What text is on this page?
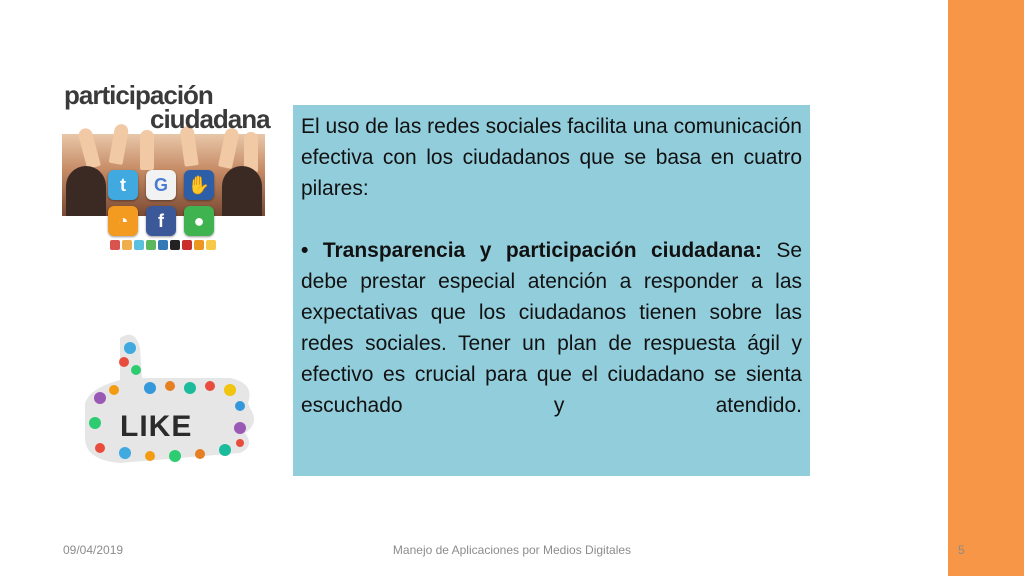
participación
ciudadana
t	G	✋
◔	f	●
LIKE

El uso de las redes sociales facilita una comunicación efectiva con los ciudadanos que se basa en cuatro pilares:

• Transparencia y participación ciudadana: Se debe prestar especial atención a responder a las expectativas que los ciudadanos tienen sobre las redes sociales. Tener un plan de respuesta ágil y efectivo es crucial para que el ciudadano se sienta escuchado y atendido.

09/04/2019	Manejo de Aplicaciones por Medios Digitales	5
